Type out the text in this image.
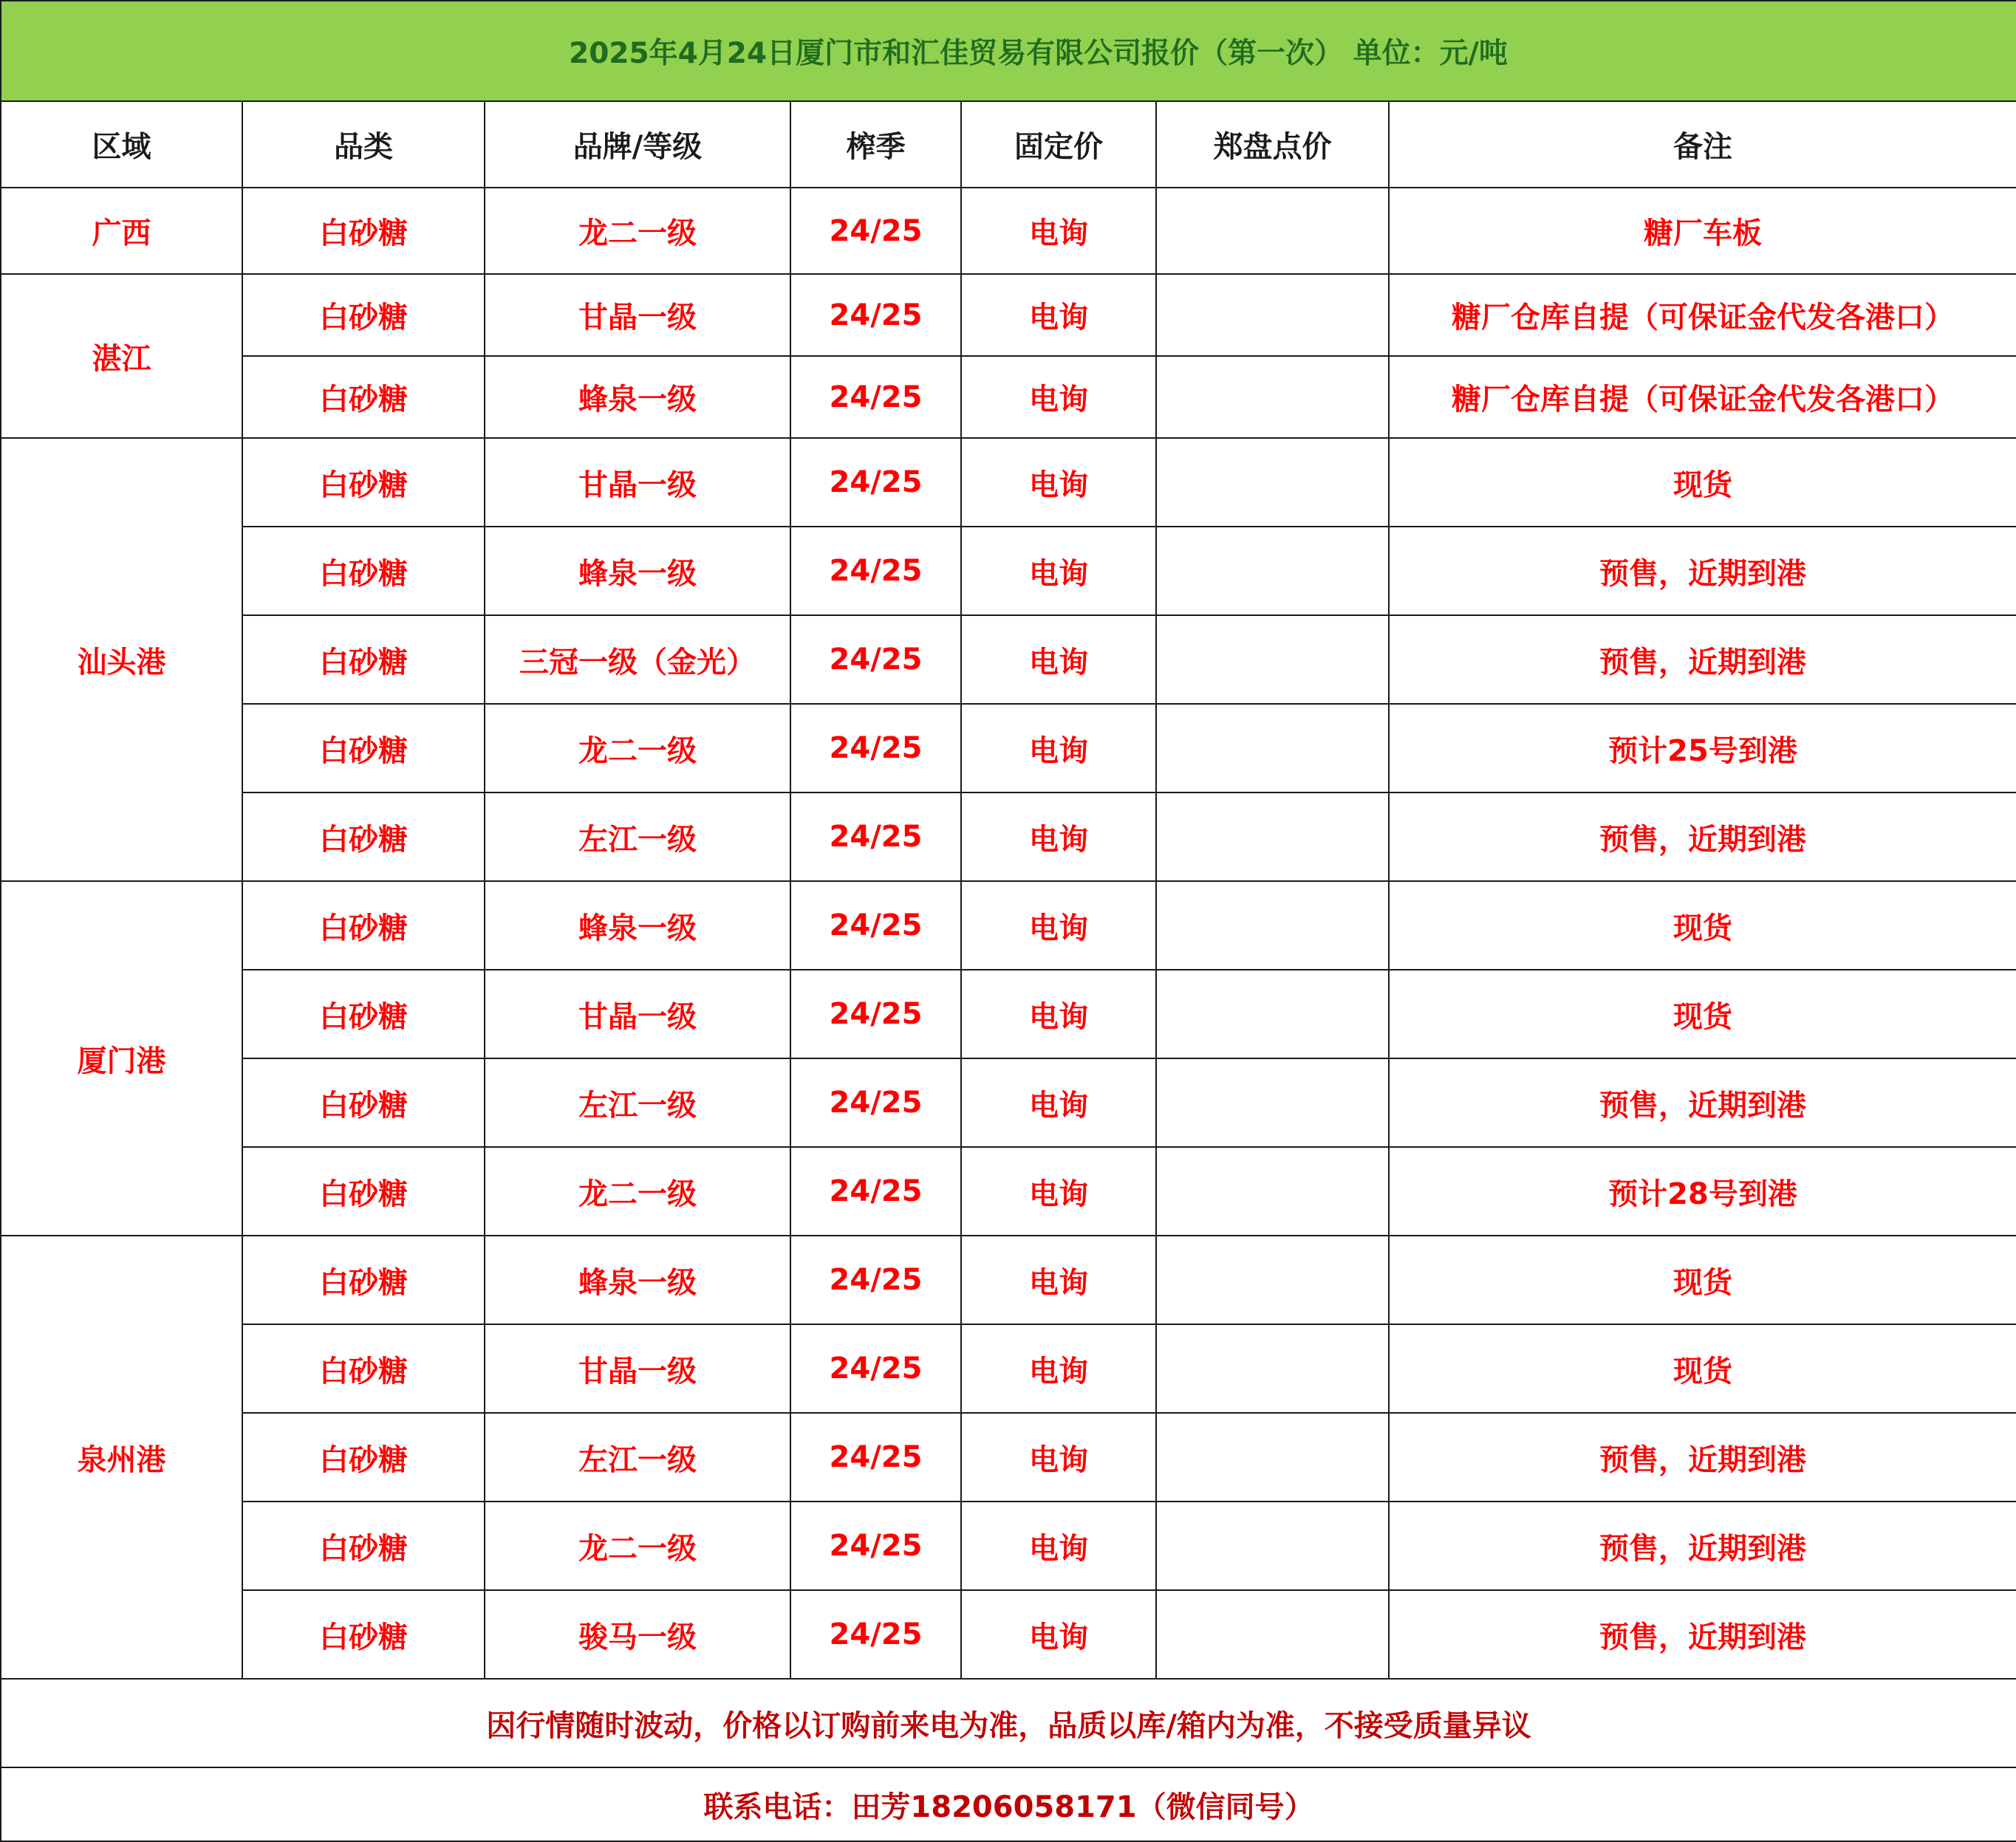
2025年4月24日厦门市和汇佳贸易有限公司报价（第一次） 单位：元/吨						
区域	品类	品牌/等级	榨季	固定价	郑盘点价	备注
广西	白砂糖	龙二一级	24/25	电询		糖厂车板
湛江	白砂糖	甘晶一级	24/25	电询		糖厂仓库自提（可保证金代发各港口）
	白砂糖	蜂泉一级	24/25	电询		糖厂仓库自提（可保证金代发各港口）
汕头港	白砂糖	甘晶一级	24/25	电询		现货
	白砂糖	蜂泉一级	24/25	电询		预售，近期到港
	白砂糖	三冠一级（金光）	24/25	电询		预售，近期到港
	白砂糖	龙二一级	24/25	电询		预计25号到港
	白砂糖	左江一级	24/25	电询		预售，近期到港
厦门港	白砂糖	蜂泉一级	24/25	电询		现货
	白砂糖	甘晶一级	24/25	电询		现货
	白砂糖	左江一级	24/25	电询		预售，近期到港
	白砂糖	龙二一级	24/25	电询		预计28号到港
泉州港	白砂糖	蜂泉一级	24/25	电询		现货
	白砂糖	甘晶一级	24/25	电询		现货
	白砂糖	左江一级	24/25	电询		预售，近期到港
	白砂糖	龙二一级	24/25	电询		预售，近期到港
	白砂糖	骏马一级	24/25	电询		预售，近期到港
因行情随时波动，价格以订购前来电为准，品质以库/箱内为准，不接受质量异议						
联系电话：田芳18206058171（微信同号）						
